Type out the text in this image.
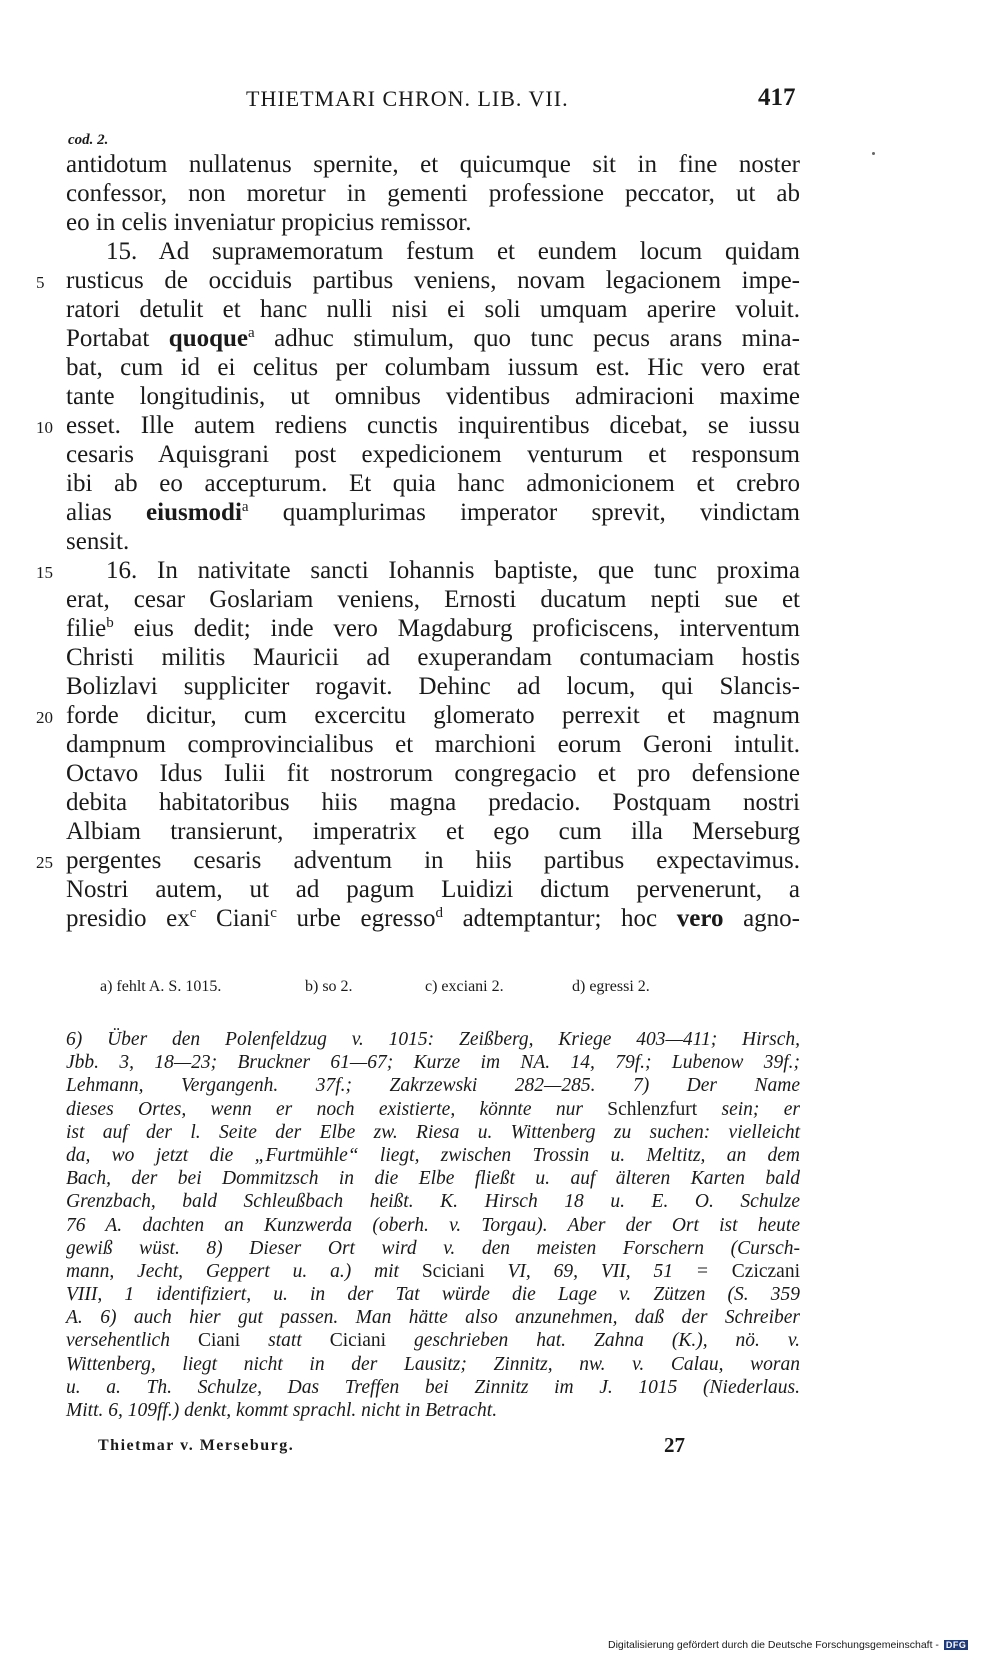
THIETMARI CHRON. LIB. VII.	417
cod. 2.
antidotum nullatenus spernite, et quicumque sit in fine noster
confessor, non moretur in gementi professione peccator, ut ab
eo in celis inveniatur propicius remissor.
15. Ad suprамemoratum festum et eundem locum quidam
5 rusticus de occiduis partibus veniens, novam legacionem impe-
ratori detulit et hanc nulli nisi ei soli umquam aperire voluit.
Portabat quoque$^a$ adhuc stimulum, quo tunc pecus arans mina-
bat, cum id ei celitus per columbam iussum est. Hic vero erat
tante longitudinis, ut omnibus videntibus admiracioni maxime
10 esset. Ille autem rediens cunctis inquirentibus dicebat, se iussu
cesaris Aquisgrani post expedicionem venturum et responsum
ibi ab eo accepturum. Et quia hanc admonicionem et crebro
alias eiusmodi$^a$ quamplurimas imperator sprevit, vindictam
sensit.
15 16. In nativitate sancti Iohannis baptiste, que tunc proxima
erat, cesar Goslariam veniens, Ernosti ducatum nepti sue et
filie$^b$ eius dedit; inde vero Magdaburg proficiscens, interventum
Christi militis Mauricii ad exuperandam contumaciam hostis
Bolizlavi suppliciter rogavit. Dehinc ad locum, qui Slancis-
20 forde dicitur, cum excercitu glomerato perrexit et magnum
dampnum comprovincialibus et marchioni eorum Geroni intulit.
Octavo Idus Iulii fit nostrorum congregacio et pro defensione
debita habitatoribus hiis magna predacio. Postquam nostri
Albiam transierunt, imperatrix et ego cum illa Merseburg
25 pergentes cesaris adventum in hiis partibus expectavimus.
Nostri autem, ut ad pagum Luidizi dictum pervenerunt, a
presidio $ex^c$ Ciani$^c$ urbe egresso$^d$ adtemptantur; hoc vero agno-
a) fehlt A. S. 1015.	b) so 2.	c) exciani 2.	d) egressi 2.
6) Über den Polenfeldzug v. 1015: Zeißberg, Kriege 403—411; Hirsch,
Jbb. 3, 18—23; Bruckner 61—67; Kurze im NA. 14, 79f.; Lubenow 39f.;
Lehmann, Vergangenh. 37f.; Zakrzewski 282—285. 7) Der Name
dieses Ortes, wenn er noch existierte, könnte nur Schlenzfurt sein; er
ist auf der l. Seite der Elbe zw. Riesa u. Wittenberg zu suchen: vielleicht
da, wo jetzt die „Furtmühle“ liegt, zwischen Trossin u. Meltitz, an dem
Bach, der bei Dommitzsch in die Elbe fließt u. auf älteren Karten bald
Grenzbach, bald Schleußbach heißt. K. Hirsch 18 u. E. O. Schulze
76 A. dachten an Kunzwerda (oberh. v. Torgau). Aber der Ort ist heute
gewiß wüst. 8) Dieser Ort wird v. den meisten Forschern (Cursch-
mann, Jecht, Geppert u. a.) mit Sciciani VI, 69, VII, 51 = Cziczani
VIII, 1 identifiziert, u. in der Tat würde die Lage v. Zützen (S. 359
A. 6) auch hier gut passen. Man hätte also anzunehmen, daß der Schreiber
versehentlich Ciani statt Ciciani geschrieben hat. Zahna (K.), nö. v.
Wittenberg, liegt nicht in der Lausitz; Zinnitz, nw. v. Calau, woran
u. a. Th. Schulze, Das Treffen bei Zinnitz im J. 1015 (Niederlaus.
Mitt. 6, 109ff.) denkt, kommt sprachl. nicht in Betracht.
Thietmar v. Merseburg.	27
Digitalisierung gefördert durch die Deutsche Forschungsgemeinschaft - DFG
